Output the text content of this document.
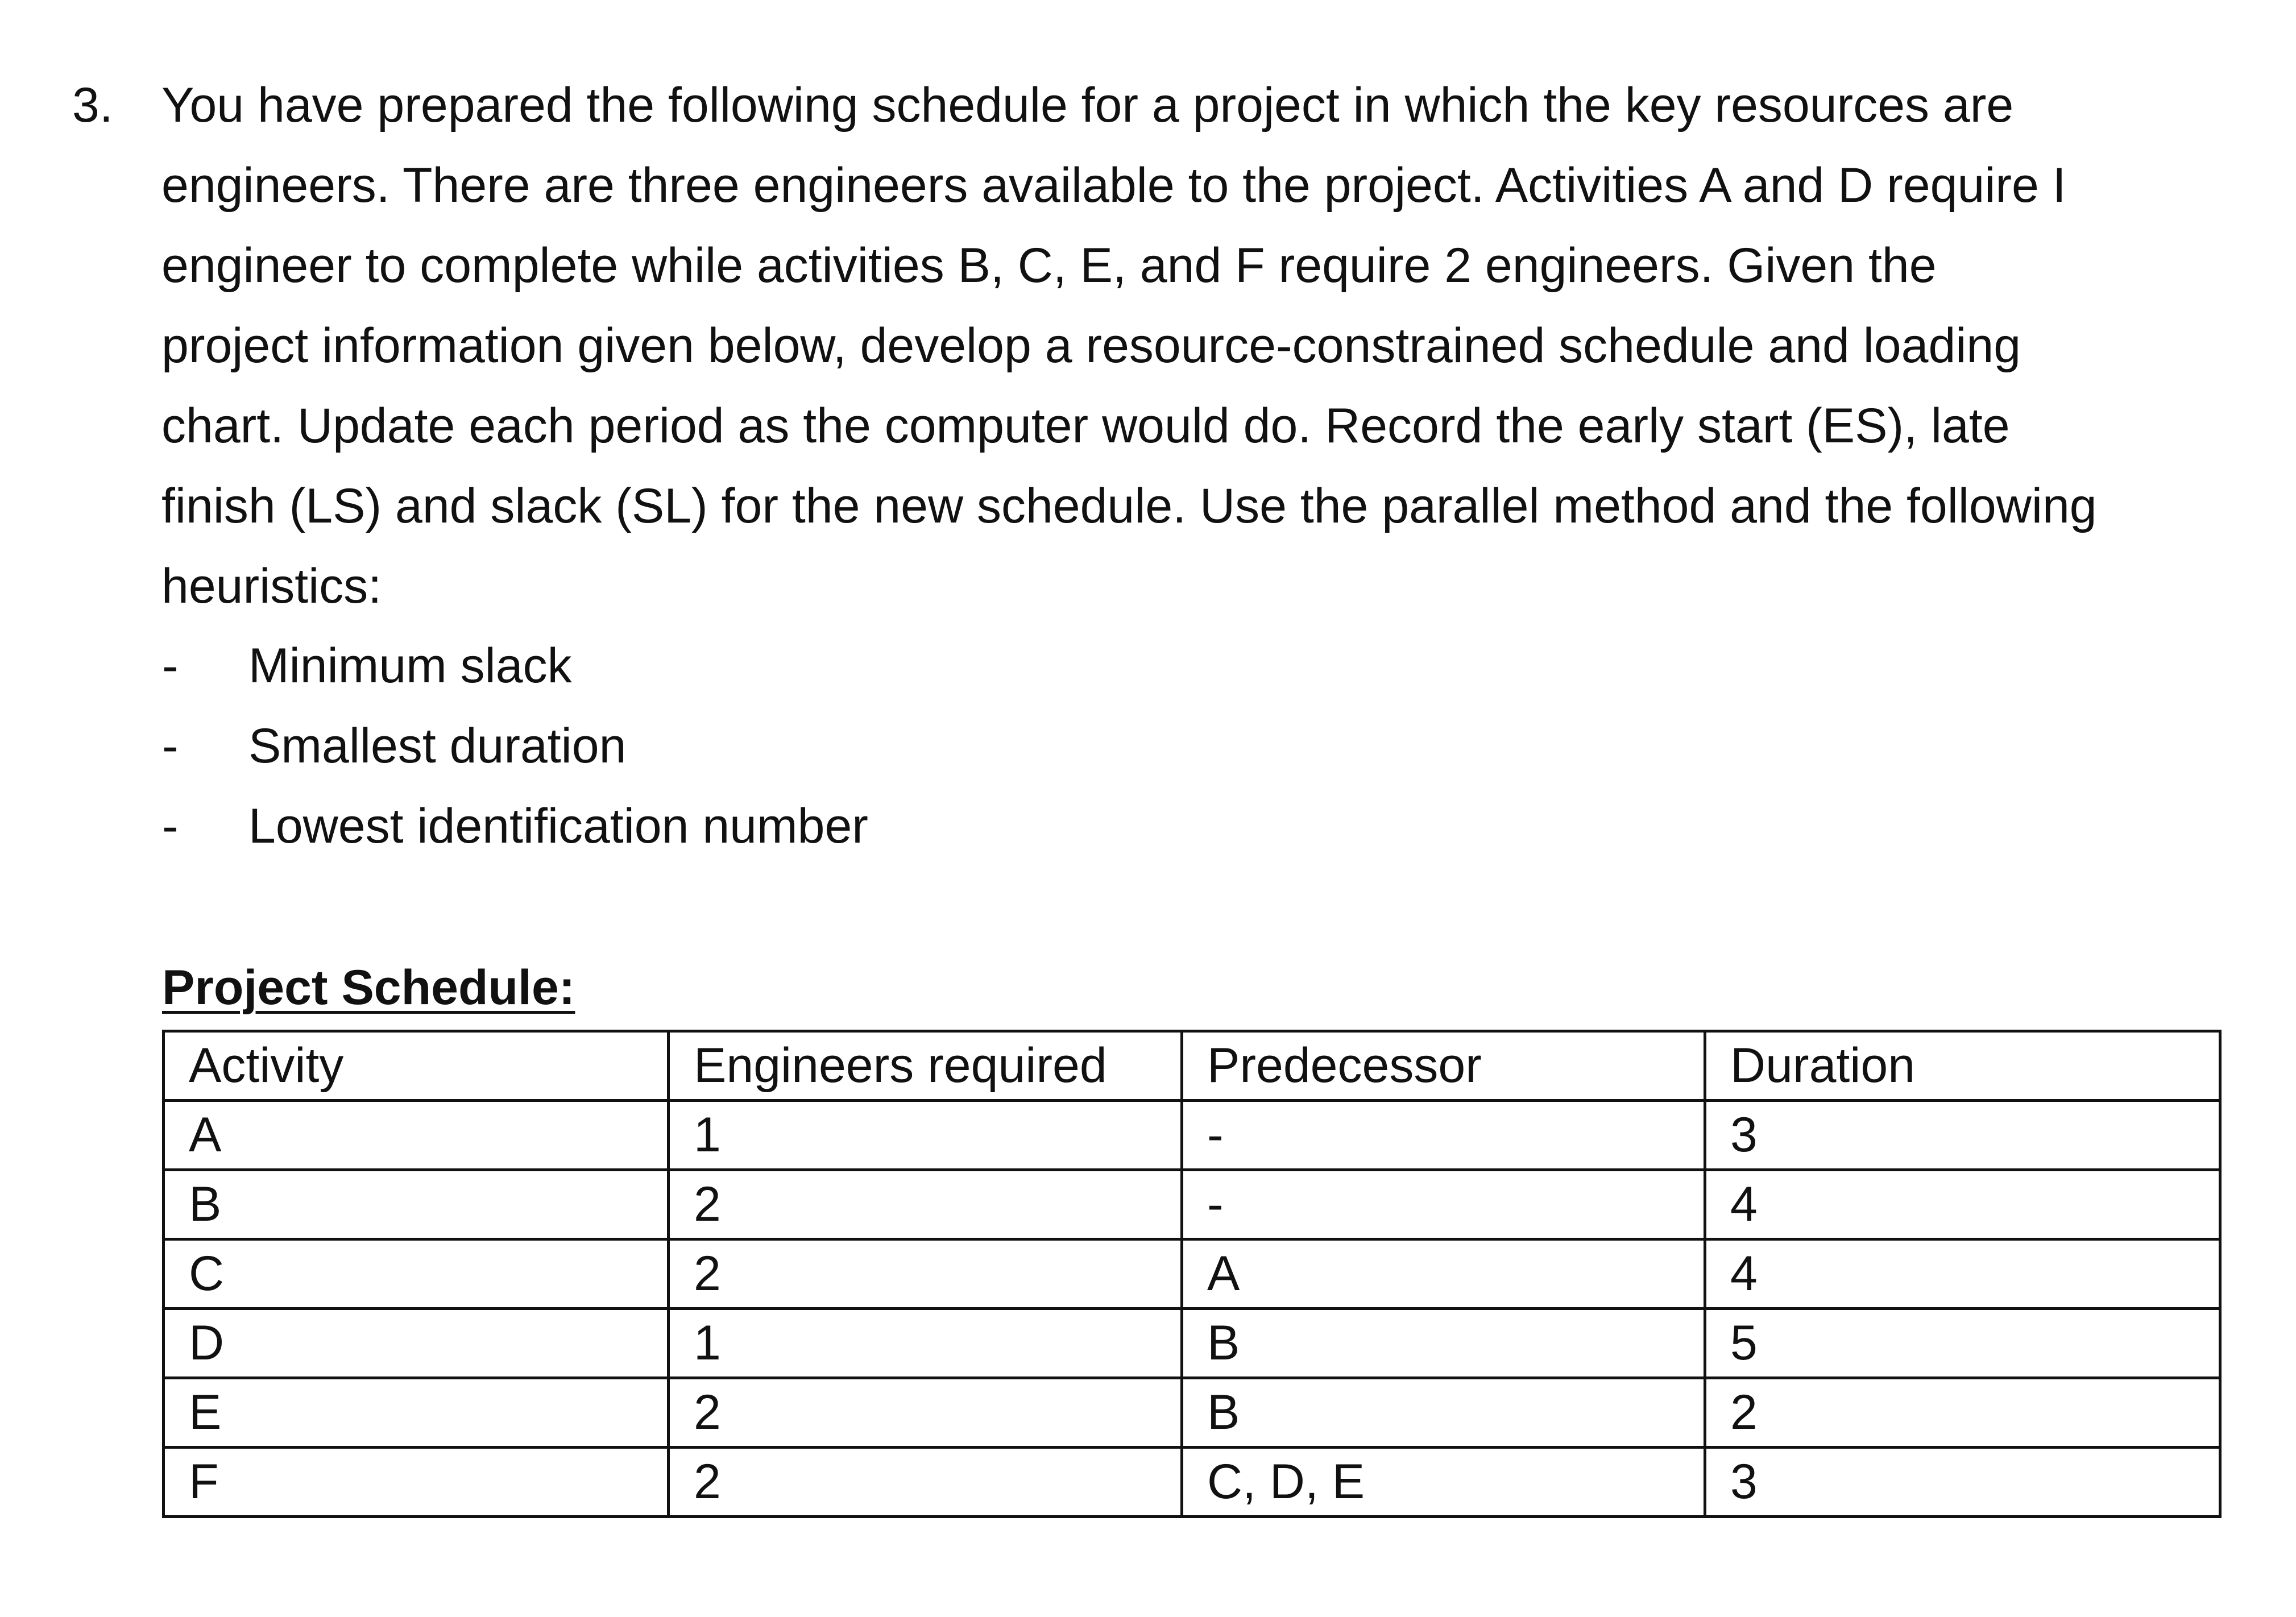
3. You have prepared the following schedule for a project in which the key resources are
engineers. There are three engineers available to the project. Activities A and D require I
engineer to complete while activities B, C, E, and F require 2 engineers. Given the
project information given below, develop a resource-constrained schedule and loading
chart. Update each period as the computer would do. Record the early start (ES), late
finish (LS) and slack (SL) for the new schedule. Use the parallel method and the following
heuristics:
-	Minimum slack
-	Smallest duration
-	Lowest identification number
Project Schedule:
Activity	Engineers required	Predecessor	Duration
A	1	-	3
B	2	-	4
C	2	A	4
D	1	B	5
E	2	B	2
F	2	C, D, E	3
